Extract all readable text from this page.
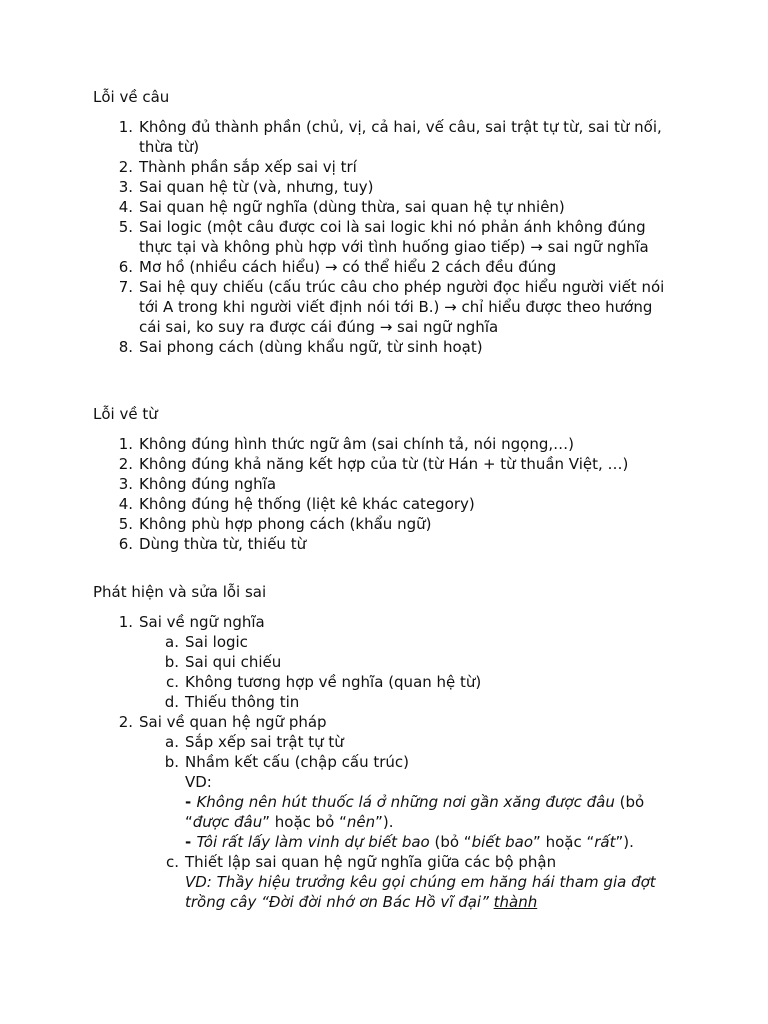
Lỗi về câu

1. Không đủ thành phần (chủ, vị, cả hai, vế câu, sai trật tự từ, sai từ nối, thừa từ)
2. Thành phần sắp xếp sai vị trí
3. Sai quan hệ từ (và, nhưng, tuy)
4. Sai quan hệ ngữ nghĩa (dùng thừa, sai quan hệ tự nhiên)
5. Sai logic (một câu được coi là sai logic khi nó phản ánh không đúng thực tại và không phù hợp với tình huống giao tiếp) → sai ngữ nghĩa
6. Mơ hồ (nhiều cách hiểu) → có thể hiểu 2 cách đều đúng
7. Sai hệ quy chiếu (cấu trúc câu cho phép người đọc hiểu người viết nói tới A trong khi người viết định nói tới B.) → chỉ hiểu được theo hướng cái sai, ko suy ra được cái đúng → sai ngữ nghĩa
8. Sai phong cách (dùng khẩu ngữ, từ sinh hoạt)

Lỗi về từ

1. Không đúng hình thức ngữ âm (sai chính tả, nói ngọng,…)
2. Không đúng khả năng kết hợp của từ (từ Hán + từ thuần Việt, …)
3. Không đúng nghĩa
4. Không đúng hệ thống (liệt kê khác category)
5. Không phù hợp phong cách (khẩu ngữ)
6. Dùng thừa từ, thiếu từ

Phát hiện và sửa lỗi sai

1. Sai về ngữ nghĩa
a. Sai logic
b. Sai qui chiếu
c. Không tương hợp về nghĩa (quan hệ từ)
d. Thiếu thông tin
2. Sai về quan hệ ngữ pháp
a. Sắp xếp sai trật tự từ
b. Nhầm kết cấu (chập cấu trúc)
VD:
- Không nên hút thuốc lá ở những nơi gần xăng được đâu (bỏ “được đâu” hoặc bỏ “nên”).
- Tôi rất lấy làm vinh dự biết bao (bỏ “biết bao” hoặc “rất”).
c. Thiết lập sai quan hệ ngữ nghĩa giữa các bộ phận
VD: Thầy hiệu trưởng kêu gọi chúng em hăng hái tham gia đợt trồng cây “Đời đời nhớ ơn Bác Hồ vĩ đại” thành
